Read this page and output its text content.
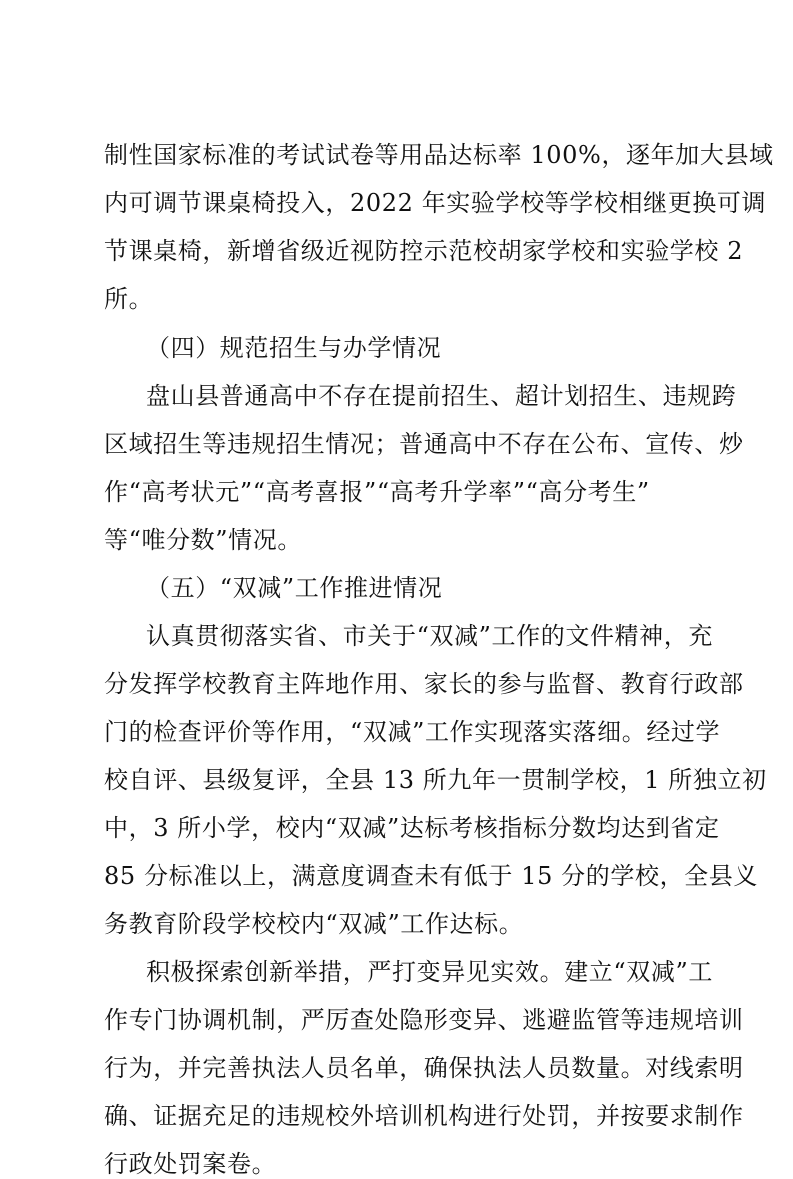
制性国家标准的考试试卷等用品达标率 100%，逐年加大县域
内可调节课桌椅投入，2022 年实验学校等学校相继更换可调
节课桌椅，新增省级近视防控示范校胡家学校和实验学校 2
所。
（四）规范招生与办学情况
盘山县普通高中不存在提前招生、超计划招生、违规跨
区域招生等违规招生情况；普通高中不存在公布、宣传、炒
作“高考状元”“高考喜报”“高考升学率”“高分考生”
等“唯分数”情况。
（五）“双减”工作推进情况
认真贯彻落实省、市关于“双减”工作的文件精神，充
分发挥学校教育主阵地作用、家长的参与监督、教育行政部
门的检查评价等作用，“双减”工作实现落实落细。经过学
校自评、县级复评，全县 13 所九年一贯制学校，1 所独立初
中，3 所小学，校内“双减”达标考核指标分数均达到省定
85 分标准以上，满意度调查未有低于 15 分的学校，全县义
务教育阶段学校校内“双减”工作达标。
积极探索创新举措，严打变异见实效。建立“双减”工
作专门协调机制，严厉查处隐形变异、逃避监管等违规培训
行为，并完善执法人员名单，确保执法人员数量。对线索明
确、证据充足的违规校外培训机构进行处罚，并按要求制作
行政处罚案卷。
